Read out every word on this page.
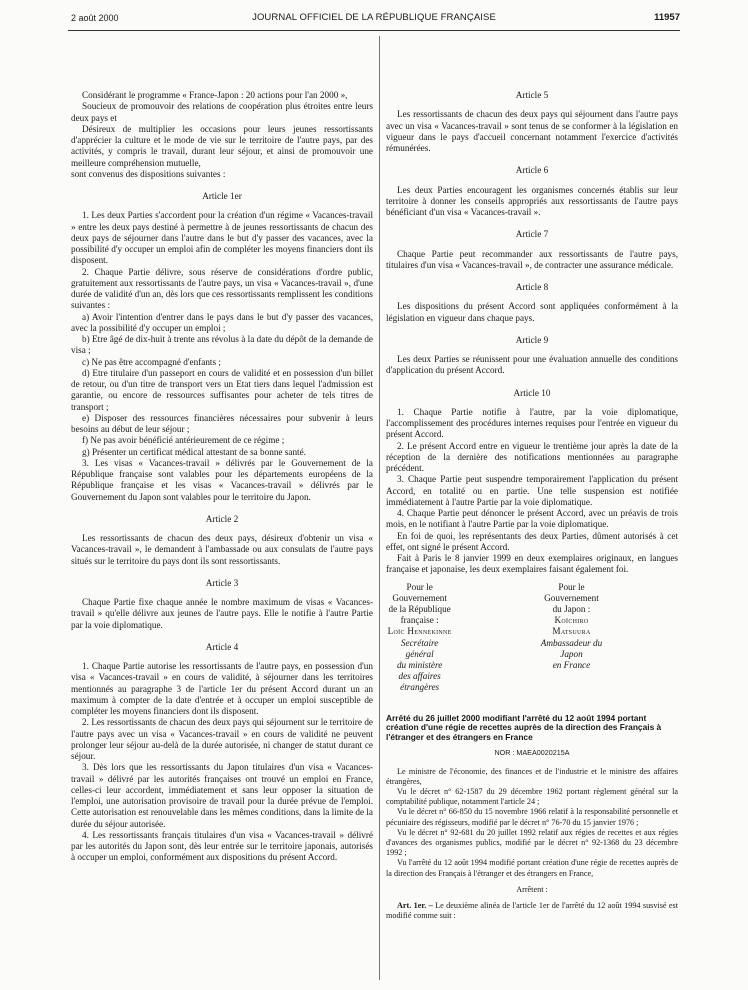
2 août 2000	JOURNAL OFFICIEL DE LA RÉPUBLIQUE FRANÇAISE	11957

Considérant le programme « France-Japon : 20 actions pour l'an 2000 »,

Soucieux de promouvoir des relations de coopération plus étroites entre leurs deux pays et

Désireux de multiplier les occasions pour leurs jeunes ressortissants d'apprécier la culture et le mode de vie sur le territoire de l'autre pays, par des activités, y compris le travail, durant leur séjour, et ainsi de promouvoir une meilleure compréhension mutuelle,

sont convenus des dispositions suivantes :

Article 1er

1. Les deux Parties s'accordent pour la création d'un régime « Vacances-travail » entre les deux pays destiné à permettre à de jeunes ressortissants de chacun des deux pays de séjourner dans l'autre dans le but d'y passer des vacances, avec la possibilité d'y occuper un emploi afin de compléter les moyens financiers dont ils disposent.

2. Chaque Partie délivre, sous réserve de considérations d'ordre public, gratuitement aux ressortissants de l'autre pays, un visa « Vacances-travail », d'une durée de validité d'un an, dès lors que ces ressortissants remplissent les conditions suivantes :

a) Avoir l'intention d'entrer dans le pays dans le but d'y passer des vacances, avec la possibilité d'y occuper un emploi ;

b) Etre âgé de dix-huit à trente ans révolus à la date du dépôt de la demande de visa ;

c) Ne pas être accompagné d'enfants ;

d) Etre titulaire d'un passeport en cours de validité et en possession d'un billet de retour, ou d'un titre de transport vers un Etat tiers dans lequel l'admission est garantie, ou encore de ressources suffisantes pour acheter de tels titres de transport ;

e) Disposer des ressources financières nécessaires pour subvenir à leurs besoins au début de leur séjour ;

f) Ne pas avoir bénéficié antérieurement de ce régime ;

g) Présenter un certificat médical attestant de sa bonne santé.

3. Les visas « Vacances-travail » délivrés par le Gouvernement de la République française sont valables pour les départements européens de la République française et les visas « Vacances-travail » délivrés par le Gouvernement du Japon sont valables pour le territoire du Japon.

Article 2

Les ressortissants de chacun des deux pays, désireux d'obtenir un visa « Vacances-travail », le demandent à l'ambassade ou aux consulats de l'autre pays situés sur le territoire du pays dont ils sont ressortissants.

Article 3

Chaque Partie fixe chaque année le nombre maximum de visas « Vacances-travail » qu'elle délivre aux jeunes de l'autre pays. Elle le notifie à l'autre Partie par la voie diplomatique.

Article 4

1. Chaque Partie autorise les ressortissants de l'autre pays, en possession d'un visa « Vacances-travail » en cours de validité, à séjourner dans les territoires mentionnés au paragraphe 3 de l'article 1er du présent Accord durant un an maximum à compter de la date d'entrée et à occuper un emploi susceptible de compléter les moyens financiers dont ils disposent.

2. Les ressortissants de chacun des deux pays qui séjournent sur le territoire de l'autre pays avec un visa « Vacances-travail » en cours de validité ne peuvent prolonger leur séjour au-delà de la durée autorisée, ni changer de statut durant ce séjour.

3. Dès lors que les ressortissants du Japon titulaires d'un visa « Vacances-travail » délivré par les autorités françaises ont trouvé un emploi en France, celles-ci leur accordent, immédiatement et sans leur opposer la situation de l'emploi, une autorisation provisoire de travail pour la durée prévue de l'emploi. Cette autorisation est renouvelable dans les mêmes conditions, dans la limite de la durée du séjour autorisée.

4. Les ressortissants français titulaires d'un visa « Vacances-travail » délivré par les autorités du Japon sont, dès leur entrée sur le territoire japonais, autorisés à occuper un emploi, conformément aux dispositions du présent Accord.

Article 5

Les ressortissants de chacun des deux pays qui séjournent dans l'autre pays avec un visa « Vacances-travail » sont tenus de se conformer à la législation en vigueur dans le pays d'accueil concernant notamment l'exercice d'activités rémunérées.

Article 6

Les deux Parties encouragent les organismes concernés établis sur leur territoire à donner les conseils appropriés aux ressortissants de l'autre pays bénéficiant d'un visa « Vacances-travail ».

Article 7

Chaque Partie peut recommander aux ressortissants de l'autre pays, titulaires d'un visa « Vacances-travail », de contracter une assurance médicale.

Article 8

Les dispositions du présent Accord sont appliquées conformément à la législation en vigueur dans chaque pays.

Article 9

Les deux Parties se réunissent pour une évaluation annuelle des conditions d'application du présent Accord.

Article 10

1. Chaque Partie notifie à l'autre, par la voie diplomatique, l'accomplissement des procédures internes requises pour l'entrée en vigueur du présent Accord.

2. Le présent Accord entre en vigueur le trentième jour après la date de la réception de la dernière des notifications mentionnées au paragraphe précédent.

3. Chaque Partie peut suspendre temporairement l'application du présent Accord, en totalité ou en partie. Une telle suspension est notifiée immédiatement à l'autre Partie par la voie diplomatique.

4. Chaque Partie peut dénoncer le présent Accord, avec un préavis de trois mois, en le notifiant à l'autre Partie par la voie diplomatique.

En foi de quoi, les représentants des deux Parties, dûment autorisés à cet effet, ont signé le présent Accord.

Fait à Paris le 8 janvier 1999 en deux exemplaires originaux, en langues française et japonaise, les deux exemplaires faisant également foi.

Pour le Gouvernement
de la République française :
Loïc Hennekinne
Secrétaire général
du ministère
des affaires étrangères
Pour le Gouvernement
du Japon :
Koïchiro Matsuura
Ambassadeur du Japon
en France
Arrêté du 26 juillet 2000 modifiant l'arrêté du 12 août 1994 portant création d'une régie de recettes auprès de la direction des Français à l'étranger et des étrangers en France
NOR : MAEA0020215A

Le ministre de l'économie, des finances et de l'industrie et le ministre des affaires étrangères,

Vu le décret n° 62-1587 du 29 décembre 1962 portant règlement général sur la comptabilité publique, notamment l'article 24 ;

Vu le décret n° 66-850 du 15 novembre 1966 relatif à la responsabilité personnelle et pécuniaire des régisseurs, modifié par le décret n° 76-70 du 15 janvier 1976 ;

Vu le décret n° 92-681 du 20 juillet 1992 relatif aux régies de recettes et aux régies d'avances des organismes publics, modifié par le décret n° 92-1368 du 23 décembre 1992 ;

Vu l'arrêté du 12 août 1994 modifié portant création d'une régie de recettes auprès de la direction des Français à l'étranger et des étrangers en France,

Arrêtent :

Art. 1er. – Le deuxième alinéa de l'article 1er de l'arrêté du 12 août 1994 susvisé est modifié comme suit :
